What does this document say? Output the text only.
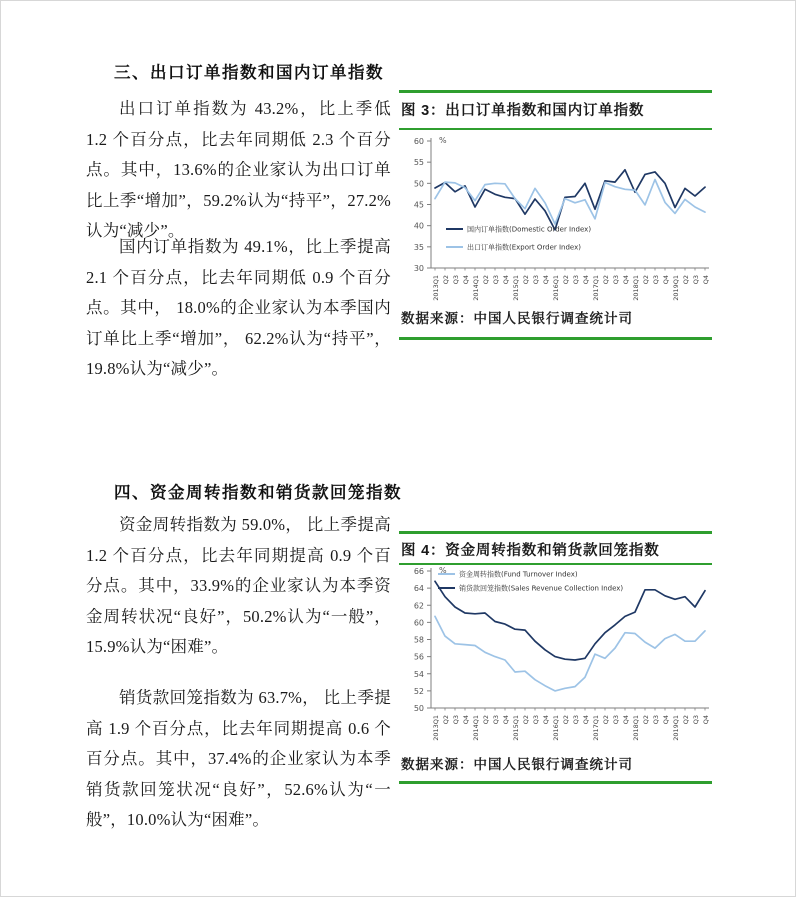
三、出口订单指数和国内订单指数

出口订单指数为 43.2%，比上季低 1.2 个百分点，比去年同期低 2.3 个百分点。其中，13.6%的企业家认为出口订单比上季“增加”，59.2%认为“持平”，27.2%认为“减少”。

国内订单指数为 49.1%，比上季提高 2.1 个百分点，比去年同期低 0.9 个百分点。其中， 18.0%的企业家认为本季国内订单比上季“增加”， 62.2%认为“持平”， 19.8%认为“减少”。

四、资金周转指数和销货款回笼指数

资金周转指数为 59.0%， 比上季提高 1.2 个百分点，比去年同期提高 0.9 个百分点。其中，33.9%的企业家认为本季资金周转状况“良好”，50.2%认为“一般”，15.9%认为“困难”。

销货款回笼指数为 63.7%， 比上季提高 1.9 个百分点，比去年同期提高 0.6 个百分点。其中，37.4%的企业家认为本季销货款回笼状况“良好”，52.6%认为“一般”，10.0%认为“困难”。

图 3：出口订单指数和国内订单指数
60
55
50
45
40
35
30
%
2013Q1 Q2 Q3 Q4 2014Q1 Q2 Q3 Q4 2015Q1 Q2 Q3 Q4 2016Q1 Q2 Q3 Q4 2017Q1 Q2 Q3 Q4 2018Q1 Q2 Q3 Q4 2019Q1 Q2 Q3 Q4
国内订单指数(Domestic Order Index)
出口订单指数(Export Order Index)
数据来源：中国人民银行调查统计司
图 4：资金周转指数和销货款回笼指数
66
64
62
60
58
56
54
52
50
%
2013Q1 Q2 Q3 Q4 2014Q1 Q2 Q3 Q4 2015Q1 Q2 Q3 Q4 2016Q1 Q2 Q3 Q4 2017Q1 Q2 Q3 Q4 2018Q1 Q2 Q3 Q4 2019Q1 Q2 Q3 Q4
资金周转指数(Fund Turnover Index)
销货款回笼指数(Sales Revenue Collection Index)
数据来源：中国人民银行调查统计司
